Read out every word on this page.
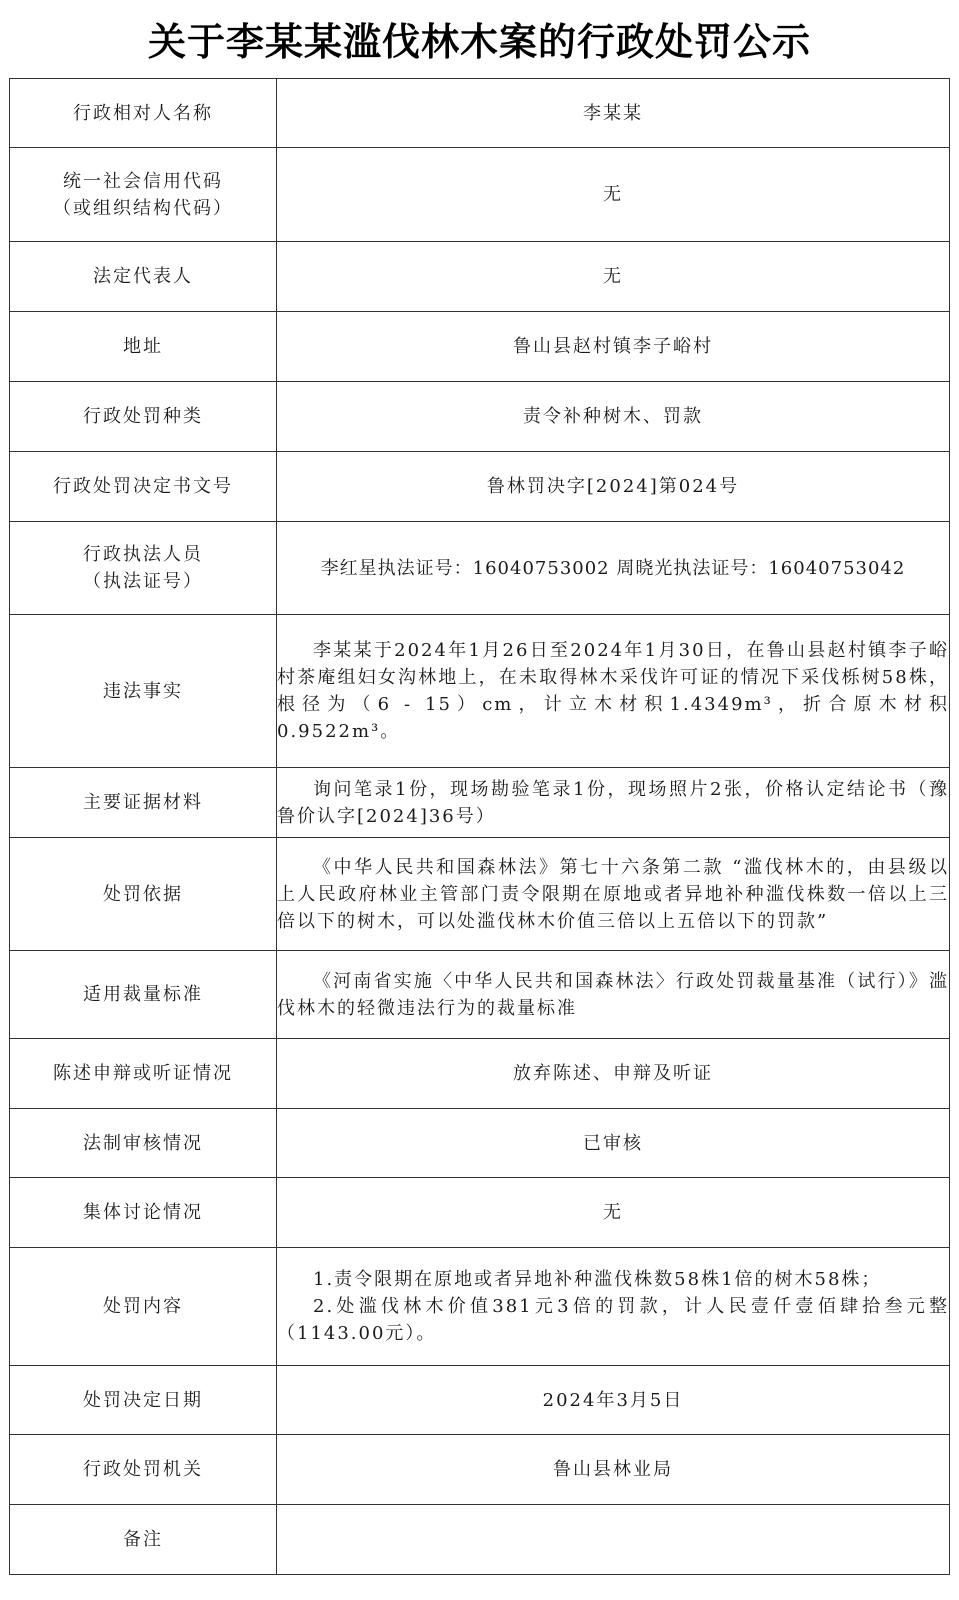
关于李某某滥伐林木案的行政处罚公示
行政相对人名称	李某某

统一社会信用代码
（或组织结构代码）	无

法定代表人	无

地址	鲁山县赵村镇李子峪村

行政处罚种类	责令补种树木、罚款

行政处罚决定书文号	鲁林罚决字[2024]第024号

行政执法人员
（执法证号）	李红星执法证号：16040753002 周晓光执法证号：16040753042

违法事实	李某某于2024年1月26日至2024年1月30日，在鲁山县赵村镇李子峪村茶庵组妇女沟林地上，在未取得林木采伐许可证的情况下采伐栎树58株，根径为（6 - 15）cm，计立木材积1.4349m³，折合原木材积0.9522m³。

主要证据材料	询问笔录1份，现场勘验笔录1份，现场照片2张，价格认定结论书（豫鲁价认字[2024]36号）

处罚依据	《中华人民共和国森林法》第七十六条第二款 “滥伐林木的，由县级以上人民政府林业主管部门责令限期在原地或者异地补种滥伐株数一倍以上三倍以下的树木，可以处滥伐林木价值三倍以上五倍以下的罚款”

适用裁量标准	《河南省实施〈中华人民共和国森林法〉行政处罚裁量基准（试行）》滥伐林木的轻微违法行为的裁量标准

陈述申辩或听证情况	放弃陈述、申辩及听证

法制审核情况	已审核

集体讨论情况	无

处罚内容	1.责令限期在原地或者异地补种滥伐株数58株1倍的树木58株；
2.处滥伐林木价值381元3倍的罚款，计人民壹仟壹佰肆拾叁元整（1143.00元）。

处罚决定日期	2024年3月5日

行政处罚机关	鲁山县林业局

备注	
